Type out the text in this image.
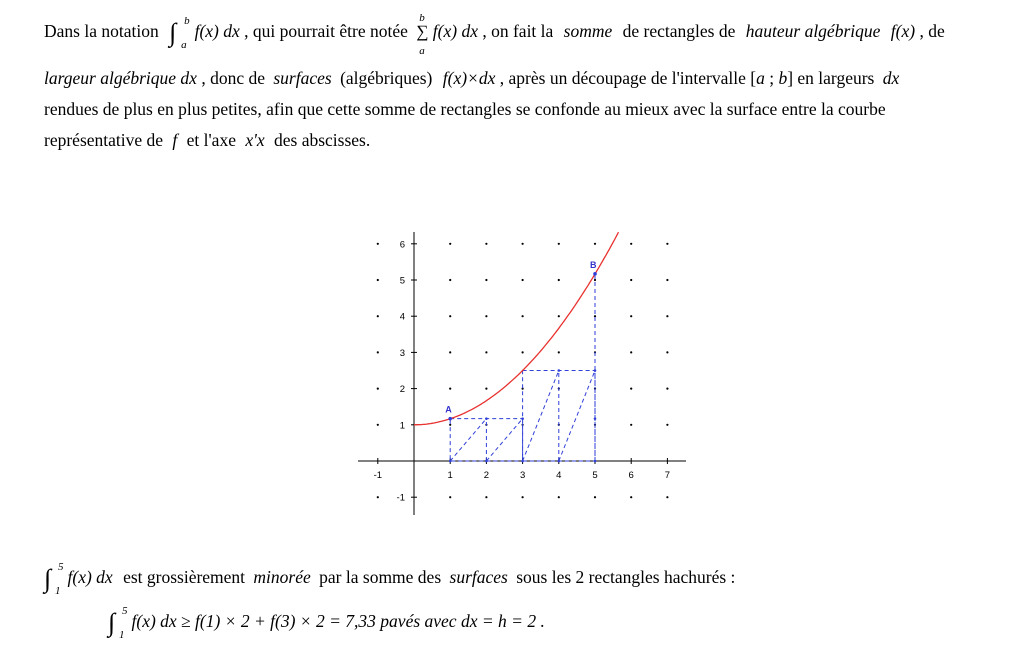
Dans la notation ∫ b
a
f(x) dx , qui pourrait être notée
b
∑
a
f(x) dx , on fait la somme de rectangles de hauteur algébrique f(x) , de
largeur algébrique dx , donc de surfaces (algébriques) f(x)×dx , après un découpage de l'intervalle [a ; b] en largeurs dx
rendues de plus en plus petites, afin que cette somme de rectangles se confonde au mieux avec la surface entre la courbe
représentative de f et l'axe x'x des abscisses.
-1	1	2	3	4	5	6	7
-1
1
2
3
4
5
6
A
B
∫ 5
1
f(x) dx est grossièrement minorée par la somme des surfaces sous les 2 rectangles hachurés :
∫ 5
1
f(x) dx ≥ f(1) × 2 + f(3) × 2 = 7,33 pavés avec dx = h = 2 .
